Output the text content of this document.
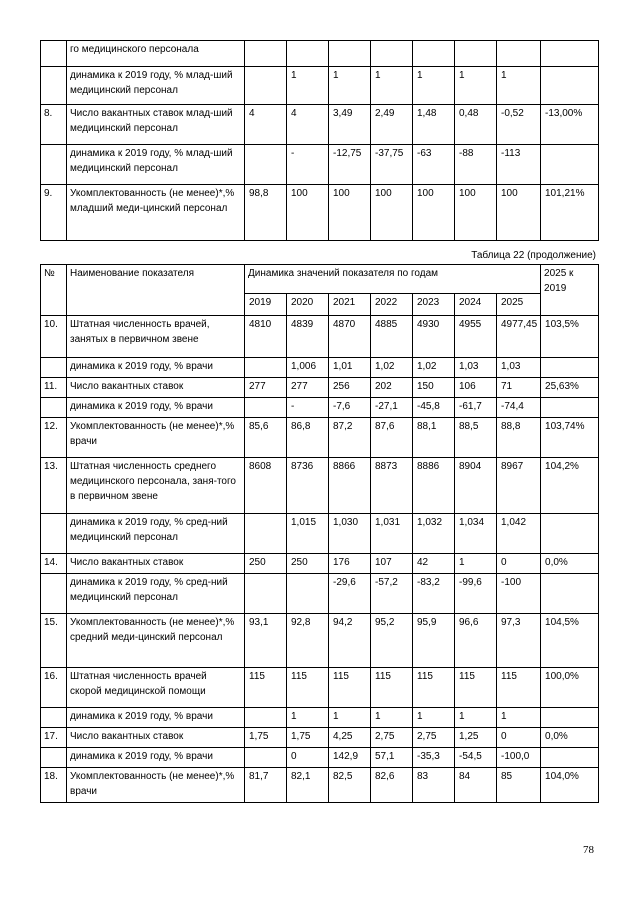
	го медицинского персонала								
	динамика к 2019 году, % млад-ший медицинский персонал		1	1	1	1	1	1	
8.	Число вакантных ставок млад-ший медицинский персонал	4	4	3,49	2,49	1,48	0,48	-0,52	-13,00%
	динамика к 2019 году, % млад-ший медицинский персонал		-	-12,75	-37,75	-63	-88	-113	
9.	Укомплектованность (не менее)*,% младший меди-цинский персонал	98,8	100	100	100	100	100	100	101,21%
Таблица 22 (продолжение)
№	Наименование показателя	Динамика значений показателя по годам							2025 к 2019
		2019	2020	2021	2022	2023	2024	2025	
10.	Штатная численность врачей, занятых в первичном звене	4810	4839	4870	4885	4930	4955	4977,45	103,5%
	динамика к 2019 году, % врачи		1,006	1,01	1,02	1,02	1,03	1,03	
11.	Число вакантных ставок	277	277	256	202	150	106	71	25,63%
	динамика к 2019 году, % врачи		-	-7,6	-27,1	-45,8	-61,7	-74,4	
12.	Укомплектованность (не менее)*,% врачи	85,6	86,8	87,2	87,6	88,1	88,5	88,8	103,74%
13.	Штатная численность среднего медицинского персонала, заня-того в первичном звене	8608	8736	8866	8873	8886	8904	8967	104,2%
	динамика к 2019 году, % сред-ний медицинский персонал		1,015	1,030	1,031	1,032	1,034	1,042	
14.	Число вакантных ставок	250	250	176	107	42	1	0	0,0%
	динамика к 2019 году, % сред-ний медицинский персонал			-29,6	-57,2	-83,2	-99,6	-100	
15.	Укомплектованность (не менее)*,% средний меди-цинский персонал	93,1	92,8	94,2	95,2	95,9	96,6	97,3	104,5%
16.	Штатная численность врачей скорой медицинской помощи	115	115	115	115	115	115	115	100,0%
	динамика к 2019 году, % врачи		1	1	1	1	1	1	
17.	Число вакантных ставок	1,75	1,75	4,25	2,75	2,75	1,25	0	0,0%
	динамика к 2019 году, % врачи		0	142,9	57,1	-35,3	-54,5	-100,0	
18.	Укомплектованность (не менее)*,% врачи	81,7	82,1	82,5	82,6	83	84	85	104,0%
78
